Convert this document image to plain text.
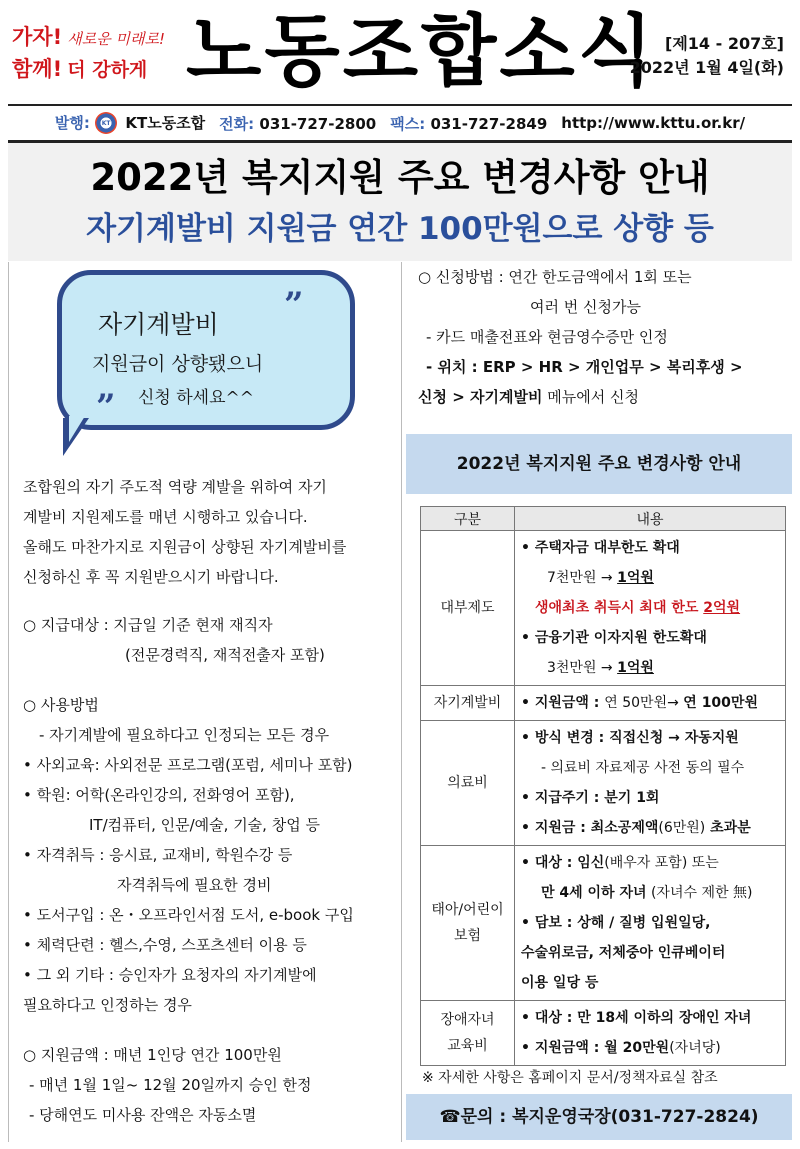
가자! 새로운 미래로!
함께! 더 강하게 노동조합소식 [제14 - 207호]
2022년 1월 4일(화)
발행: KT KT노동조합 전화: 031-727-2800 팩스: 031-727-2849 http://www.kttu.or.kr/
2022년 복지지원 주요 변경사항 안내
자기계발비 지원금 연간 100만원으로 상향 등
”
자기계발비
지원금이 상향됐으니
” 신청 하세요^^
조합원의 자기 주도적 역량 계발을 위하여 자기
계발비 지원제도를 매년 시행하고 있습니다.
올해도 마찬가지로 지원금이 상향된 자기계발비를
신청하신 후 꼭 지원받으시기 바랍니다.
○ 지급대상 : 지급일 기준 현재 재직자
(전문경력직, 재적전출자 포함)
○ 사용방법
- 자기계발에 필요하다고 인정되는 모든 경우
• 사외교육: 사외전문 프로그램(포럼, 세미나 포함)
• 학원: 어학(온라인강의, 전화영어 포함),
IT/컴퓨터, 인문/예술, 기술, 창업 등
• 자격취득 : 응시료, 교재비, 학원수강 등
자격취득에 필요한 경비
• 도서구입 : 온・오프라인서점 도서, e-book 구입
• 체력단련 : 헬스,수영, 스포츠센터 이용 등
• 그 외 기타 : 승인자가 요청자의 자기계발에
필요하다고 인정하는 경우
○ 지원금액 : 매년 1인당 연간 100만원
- 매년 1월 1일~ 12월 20일까지 승인 한정
- 당해연도 미사용 잔액은 자동소멸
○ 신청방법 : 연간 한도금액에서 1회 또는
여러 번 신청가능
- 카드 매출전표와 현금영수증만 인정
- 위치 : ERP > HR > 개인업무 > 복리후생 >
신청 > 자기계발비 메뉴에서 신청
2022년 복지지원 주요 변경사항 안내
구분	내용
대부제도	• 주택자금 대부한도 확대
7천만원 → 1억원
생애최초 취득시 최대 한도 2억원
• 금융기관 이자지원 한도확대
3천만원 → 1억원

자기계발비	• 지원금액 : 연 50만원→ 연 100만원

의료비	• 방식 변경 : 직접신청 → 자동지원
- 의료비 자료제공 사전 동의 필수
• 지급주기 : 분기 1회
• 지원금 : 최소공제액(6만원) 초과분

태아/어린이
보험	• 대상 : 임신(배우자 포함) 또는
만 4세 이하 자녀 (자녀수 제한 無)
• 담보 : 상해 / 질병 입원일당,
수술위로금, 저체중아 인큐베이터
이용 일당 등

장애자녀
교육비	• 대상 : 만 18세 이하의 장애인 자녀
• 지원금액 : 월 20만원(자녀당)
※ 자세한 사항은 홈페이지 문서/정책자료실 참조
☎문의 : 복지운영국장(031-727-2824)
